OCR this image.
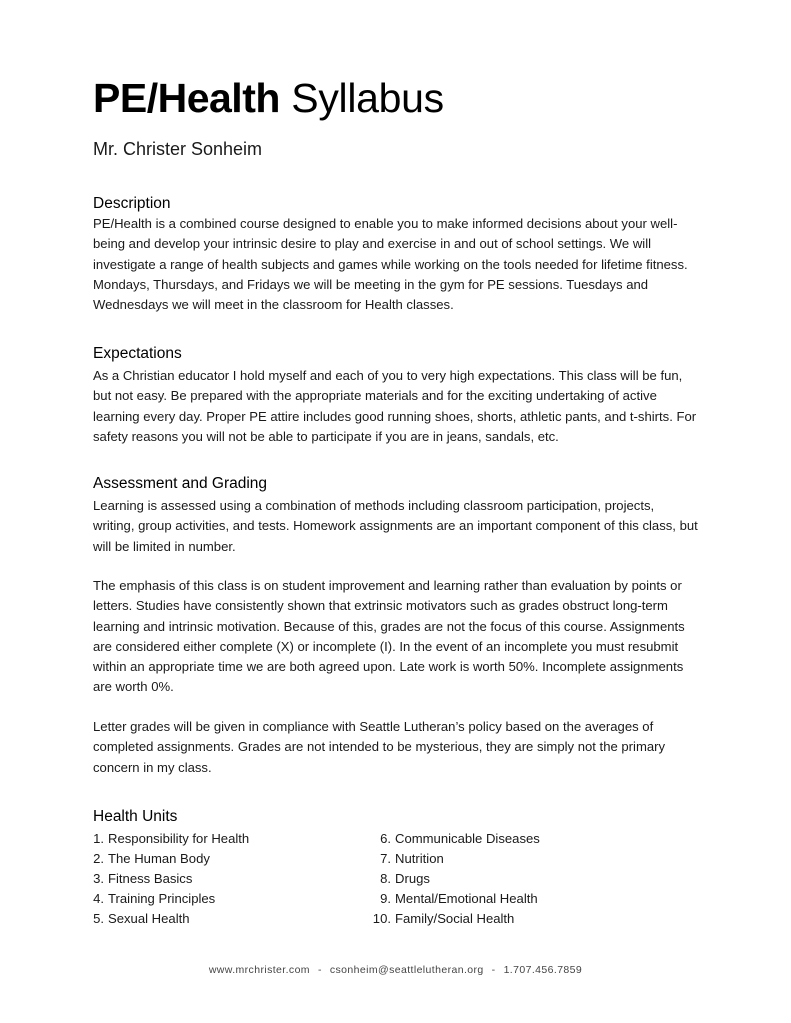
PE/Health Syllabus
Mr. Christer Sonheim
Description

PE/Health is a combined course designed to enable you to make informed decisions about your well-being and develop your intrinsic desire to play and exercise in and out of school settings. We will investigate a range of health subjects and games while working on the tools needed for lifetime fitness. Mondays, Thursdays, and Fridays we will be meeting in the gym for PE sessions. Tuesdays and Wednesdays we will meet in the classroom for Health classes.

Expectations

As a Christian educator I hold myself and each of you to very high expectations. This class will be fun, but not easy. Be prepared with the appropriate materials and for the exciting undertaking of active learning every day. Proper PE attire includes good running shoes, shorts, athletic pants, and t-shirts. For safety reasons you will not be able to participate if you are in jeans, sandals, etc.

Assessment and Grading

Learning is assessed using a combination of methods including classroom participation, projects, writing, group activities, and tests. Homework assignments are an important component of this class, but will be limited in number.

The emphasis of this class is on student improvement and learning rather than evaluation by points or letters. Studies have consistently shown that extrinsic motivators such as grades obstruct long-term learning and intrinsic motivation. Because of this, grades are not the focus of this course. Assignments are considered either complete (X) or incomplete (I). In the event of an incomplete you must resubmit within an appropriate time we are both agreed upon. Late work is worth 50%. Incomplete assignments are worth 0%.

Letter grades will be given in compliance with Seattle Lutheran’s policy based on the averages of completed assignments. Grades are not intended to be mysterious, they are simply not the primary concern in my class.

Health Units
1. Responsibility for Health
2. The Human Body
3. Fitness Basics
4. Training Principles
5. Sexual Health
6. Communicable Diseases
7. Nutrition
8. Drugs
9. Mental/Emotional Health
10. Family/Social Health
www.mrchrister.com - csonheim@seattlelutheran.org - 1.707.456.7859
